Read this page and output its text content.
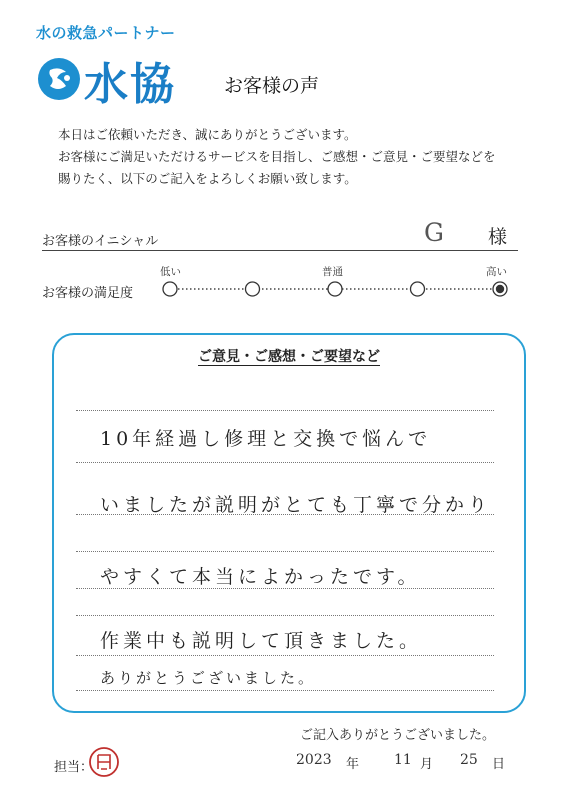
水の救急パートナー
水協	お客様の声
本日はご依頼いただき、誠にありがとうございます。
お客様にご満足いただけるサービスを目指し、ご感想・ご意見・ご要望などを
賜りたく、以下のご記入をよろしくお願い致します。
お客様のイニシャル	G 様
お客様の満足度
低い	普通	高い
ご意見・ご感想・ご要望など
10年経過し修理と交換で悩んで
いましたが説明がとても丁寧で分かり
やすくて本当によかったです。
作業中も説明して頂きました。
ありがとうございました。
ご記入ありがとうございました。
担当：	2023 年 11 月 25 日
